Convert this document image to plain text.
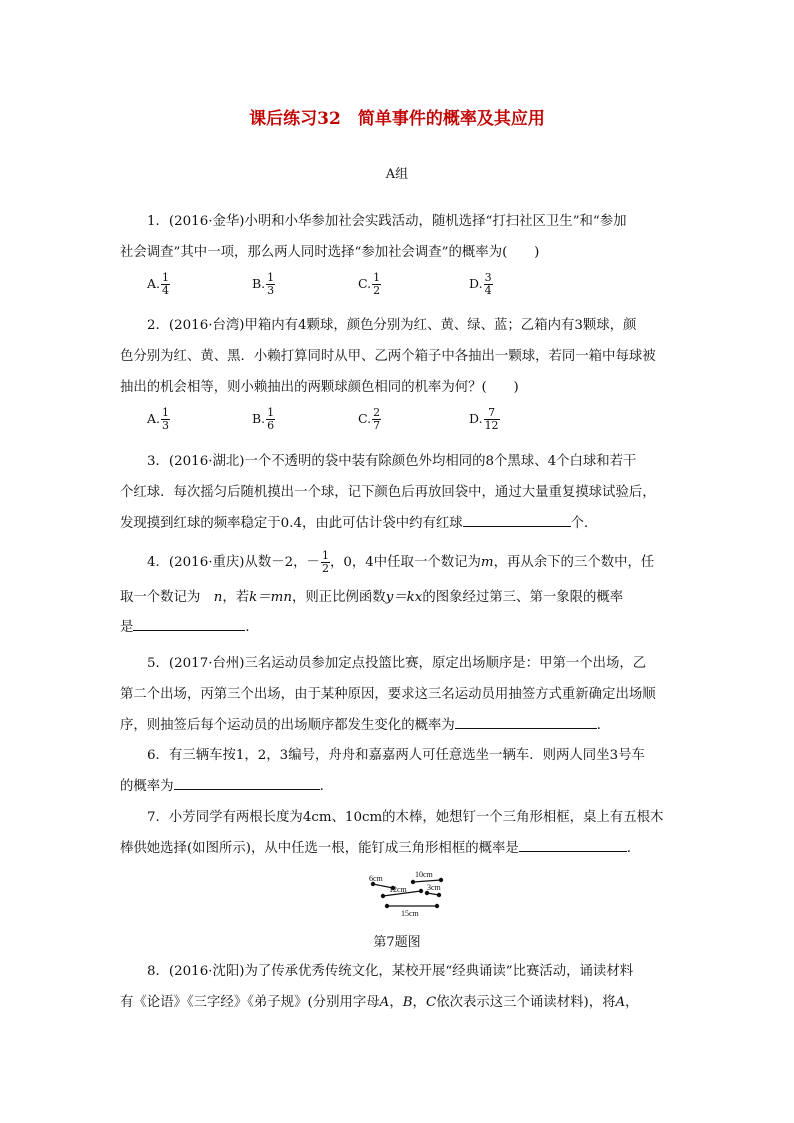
课后练习32　简单事件的概率及其应用
A组
1．(2016·金华)小明和小华参加社会实践活动，随机选择“打扫社区卫生”和“参加
社会调查”其中一项，那么两人同时选择“参加社会调查”的概率为(　　)
A. $\frac{1}{4}$	B. $\frac{1}{3}$	C. $\frac{1}{2}$	D. $\frac{3}{4}$
2．(2016·台湾)甲箱内有4颗球，颜色分别为红、黄、绿、蓝；乙箱内有3颗球，颜
色分别为红、黄、黑．小赖打算同时从甲、乙两个箱子中各抽出一颗球，若同一箱中每球被
抽出的机会相等，则小赖抽出的两颗球颜色相同的机率为何？(　　)
A. $\frac{1}{3}$	B. $\frac{1}{6}$	C. $\frac{2}{7}$	D. $\frac{7}{12}$
3．(2016·湖北)一个不透明的袋中装有除颜色外均相同的8个黑球、4个白球和若干
个红球．每次摇匀后随机摸出一个球，记下颜色后再放回袋中，通过大量重复摸球试验后，
发现摸到红球的频率稳定于0.4，由此可估计袋中约有红球	个．
4．(2016·重庆)从数－2，－ $\frac{1}{2}$ ，0，4中任取一个数记为m，再从余下的三个数中，任
取一个数记为　n，若k＝mn，则正比例函数y＝kx的图象经过第三、第一象限的概率
是	．
5．(2017·台州)三名运动员参加定点投篮比赛，原定出场顺序是：甲第一个出场，乙
第二个出场，丙第三个出场，由于某种原因，要求这三名运动员用抽签方式重新确定出场顺
序，则抽签后每个运动员的出场顺序都发生变化的概率为	．
6．有三辆车按1，2，3编号，舟舟和嘉嘉两人可任意选坐一辆车．则两人同坐3号车
的概率为	．
7．小芳同学有两根长度为4cm、10cm的木棒，她想钉一个三角形相框，桌上有五根木
棒供她选择(如图所示)，从中任选一根，能钉成三角形相框的概率是	．
6cm	10cm
12cm	3cm
15cm
第7题图
8．(2016·沈阳)为了传承优秀传统文化，某校开展“经典诵读”比赛活动，诵读材料
有《论语》《三字经》《弟子规》(分别用字母A，B，C依次表示这三个诵读材料)，将A，
